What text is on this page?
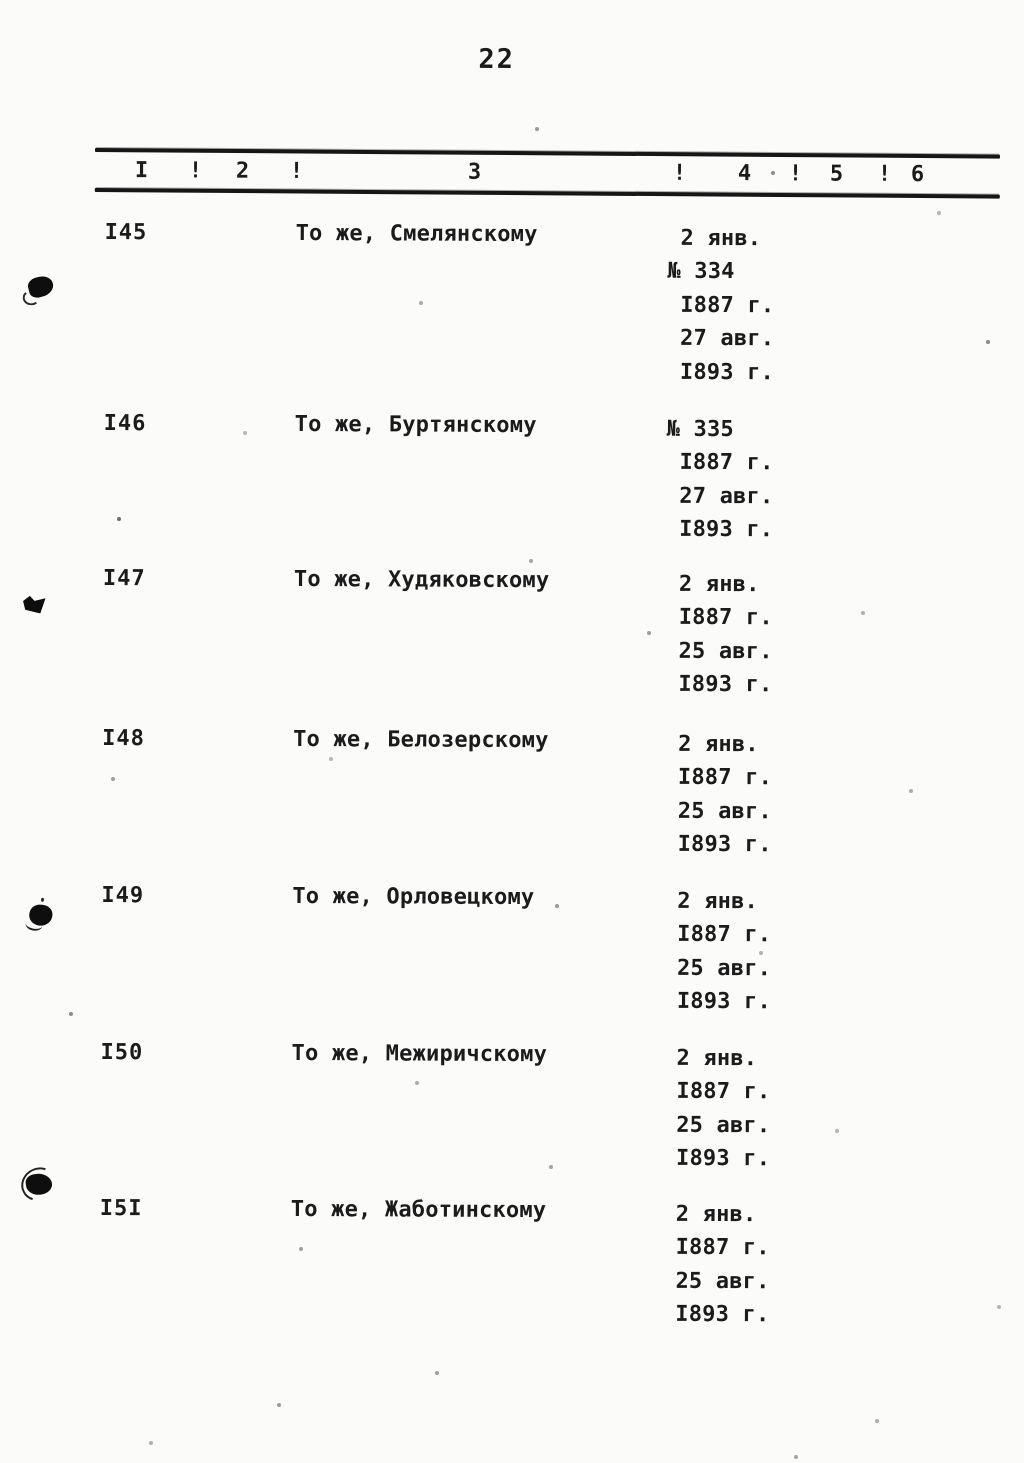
22
I ! 2 !	3	! 4 ! 5 ! 6
I45	То же, Смелянскому	2 янв.
№ 334
I887 г.
27 авг.
I893 г.
I46	То же, Буртянскому	№ 335
I887 г.
27 авг.
I893 г.
I47	То же, Худяковскому	2 янв.
I887 г.
25 авг.
I893 г.
I48	То же, Белозерскому	2 янв.
I887 г.
25 авг.
I893 г.
I49	То же, Орловецкому	2 янв.
I887 г.
25 авг.
I893 г.
I50	То же, Межиричскому	2 янв.
I887 г.
25 авг.
I893 г.
I5I	То же, Жаботинскому	2 янв.
I887 г.
25 авг.
I893 г.
